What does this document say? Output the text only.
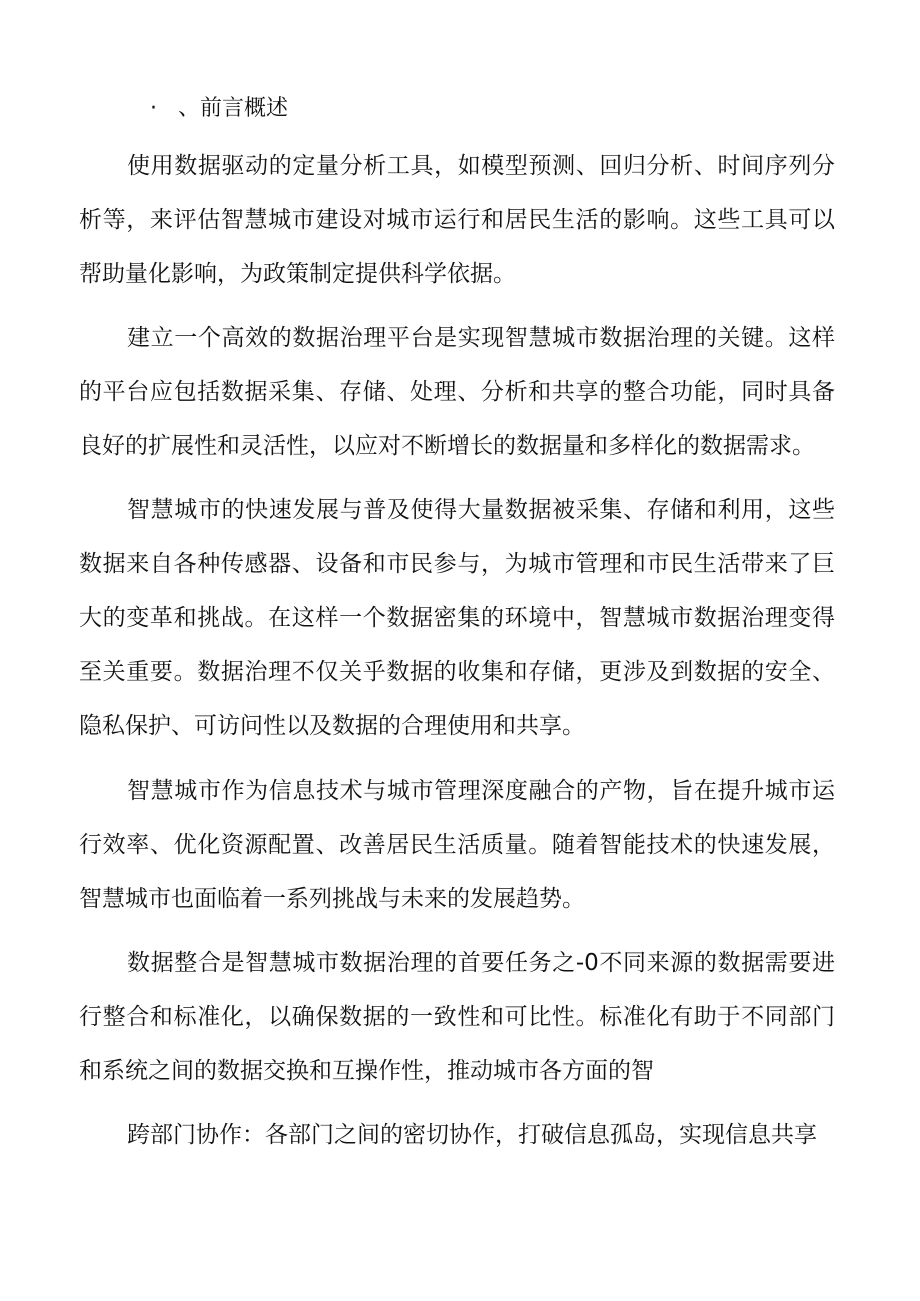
· 、前言概述

使用数据驱动的定量分析工具，如模型预测、回归分析、时间序列分析等，来评估智慧城市建设对城市运行和居民生活的影响。这些工具可以帮助量化影响，为政策制定提供科学依据。

建立一个高效的数据治理平台是实现智慧城市数据治理的关键。这样的平台应包括数据采集、存储、处理、分析和共享的整合功能，同时具备良好的扩展性和灵活性，以应对不断增长的数据量和多样化的数据需求。

智慧城市的快速发展与普及使得大量数据被采集、存储和利用，这些数据来自各种传感器、设备和市民参与，为城市管理和市民生活带来了巨大的变革和挑战。在这样一个数据密集的环境中，智慧城市数据治理变得至关重要。数据治理不仅关乎数据的收集和存储，更涉及到数据的安全、隐私保护、可访问性以及数据的合理使用和共享。

智慧城市作为信息技术与城市管理深度融合的产物，旨在提升城市运行效率、优化资源配置、改善居民生活质量。随着智能技术的快速发展，智慧城市也面临着一系列挑战与未来的发展趋势。

数据整合是智慧城市数据治理的首要任务之-0不同来源的数据需要进行整合和标准化，以确保数据的一致性和可比性。标准化有助于不同部门和系统之间的数据交换和互操作性，推动城市各方面的智

跨部门协作：各部门之间的密切协作，打破信息孤岛，实现信息共享
